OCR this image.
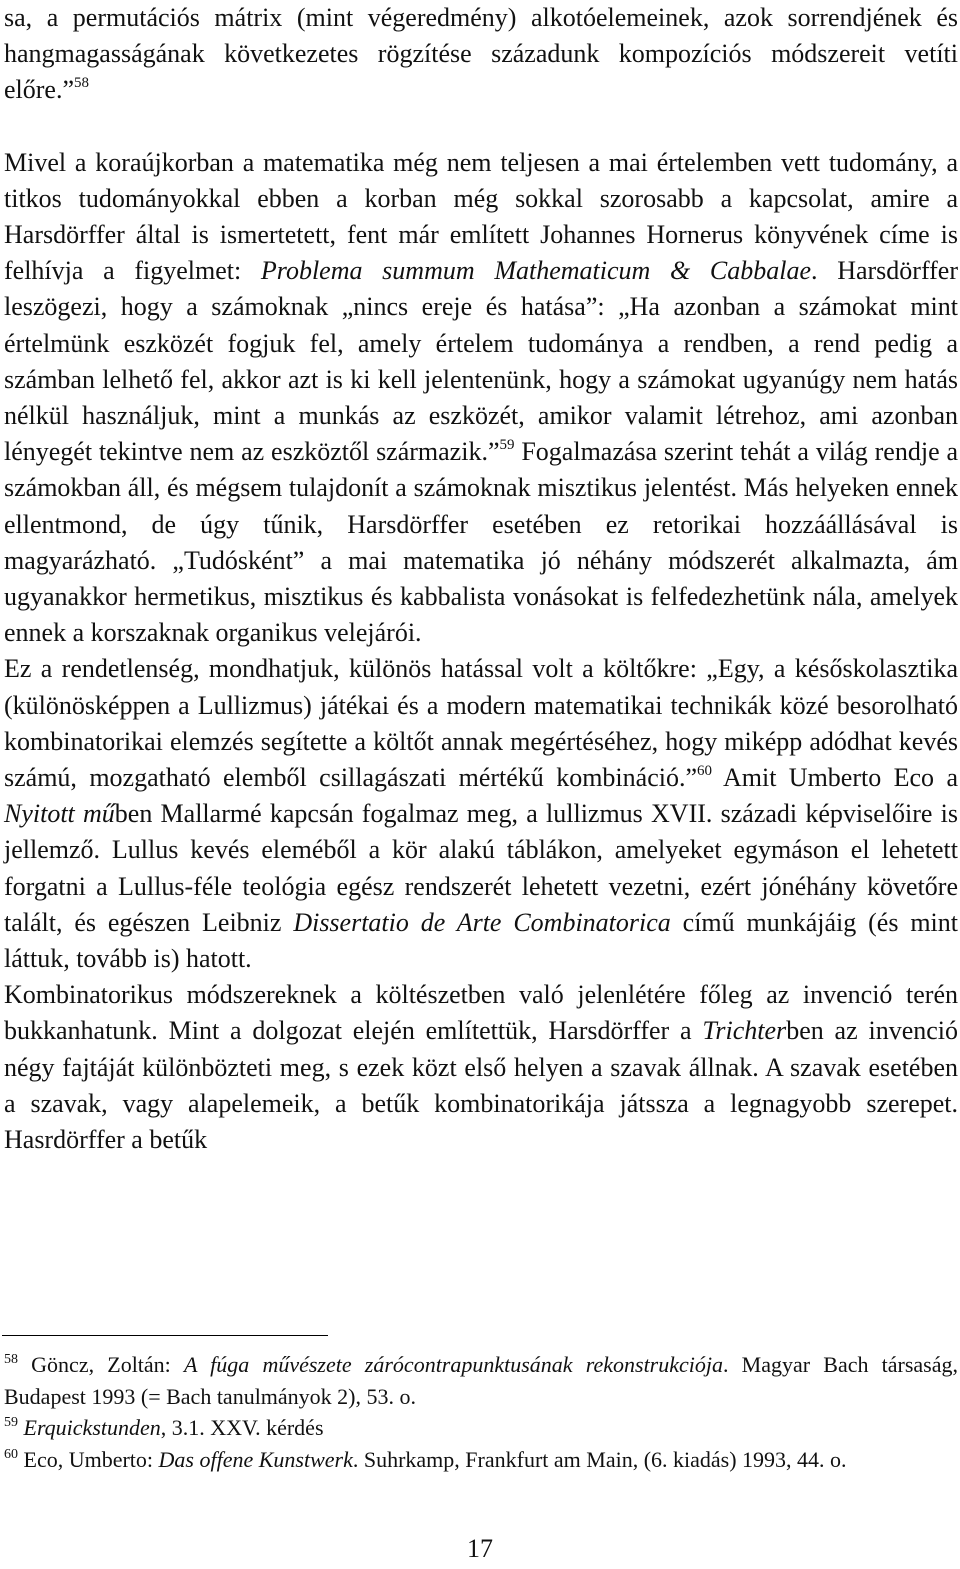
sa, a permutációs mátrix (mint végeredmény) alkotóelemeinek, azok sorrendjének és hangmagasságának következetes rögzítése századunk kompozíciós módszereit vetíti előre.”$^{58}$

Mivel a koraújkorban a matematika még nem teljesen a mai értelemben vett tudomány, a titkos tudományokkal ebben a korban még sokkal szorosabb a kapcsolat, amire a Harsdörffer által is ismertetett, fent már említett Johannes Hornerus könyvének címe is felhívja a figyelmet: Problema summum Mathematicum & Cabbalae. Harsdörffer leszögezi, hogy a számoknak „nincs ereje és hatása”: „Ha azonban a számokat mint értelmünk eszközét fogjuk fel, amely értelem tudománya a rendben, a rend pedig a számban lelhető fel, akkor azt is ki kell jelentenünk, hogy a számokat ugyanúgy nem hatás nélkül használjuk, mint a munkás az eszközét, amikor valamit létrehoz, ami azonban lényegét tekintve nem az eszköztől származik.”$^{59}$ Fogalmazása szerint tehát a világ rendje a számokban áll, és mégsem tulajdonít a számoknak misztikus jelentést. Más helyeken ennek ellentmond, de úgy tűnik, Harsdörffer esetében ez retorikai hozzáállásával is magyarázható. „Tudósként” a mai matematika jó néhány módszerét alkalmazta, ám ugyanakkor hermetikus, misztikus és kabbalista vonásokat is felfedezhetünk nála, amelyek ennek a korszaknak organikus velejárói.

Ez a rendetlenség, mondhatjuk, különös hatással volt a költőkre: „Egy, a későskolasztika (különösképpen a Lullizmus) játékai és a modern matematikai technikák közé besorolható kombinatorikai elemzés segítette a költőt annak megértéséhez, hogy miképp adódhat kevés számú, mozgatható elemből csillagászati mértékű kombináció.”$^{60}$ Amit Umberto Eco a Nyitott műben Mallarmé kapcsán fogalmaz meg, a lullizmus XVII. századi képviselőire is jellemző. Lullus kevés eleméből a kör alakú táblákon, amelyeket egymáson el lehetett forgatni a Lullus-féle teológia egész rendszerét lehetett vezetni, ezért jónéhány követőre talált, és egészen Leibniz Dissertatio de Arte Combinatorica című munkájáig (és mint láttuk, tovább is) hatott.

Kombinatorikus módszereknek a költészetben való jelenlétére főleg az invenció terén bukkanhatunk. Mint a dolgozat elején említettük, Harsdörffer a Trichterben az invenció négy fajtáját különbözteti meg, s ezek közt első helyen a szavak állnak. A szavak esetében a szavak, vagy alapelemeik, a betűk kombinatorikája játssza a legnagyobb szerepet. Hasrdörffer a betűk

$^{58}$ Göncz, Zoltán: A fúga művészete zárócontrapunktusának rekonstrukciója. Magyar Bach társaság, Budapest 1993 (= Bach tanulmányok 2), 53. o.

$^{59}$ Erquickstunden, 3.1. XXV. kérdés

$^{60}$ Eco, Umberto: Das offene Kunstwerk. Suhrkamp, Frankfurt am Main, (6. kiadás) 1993, 44. o.

17
